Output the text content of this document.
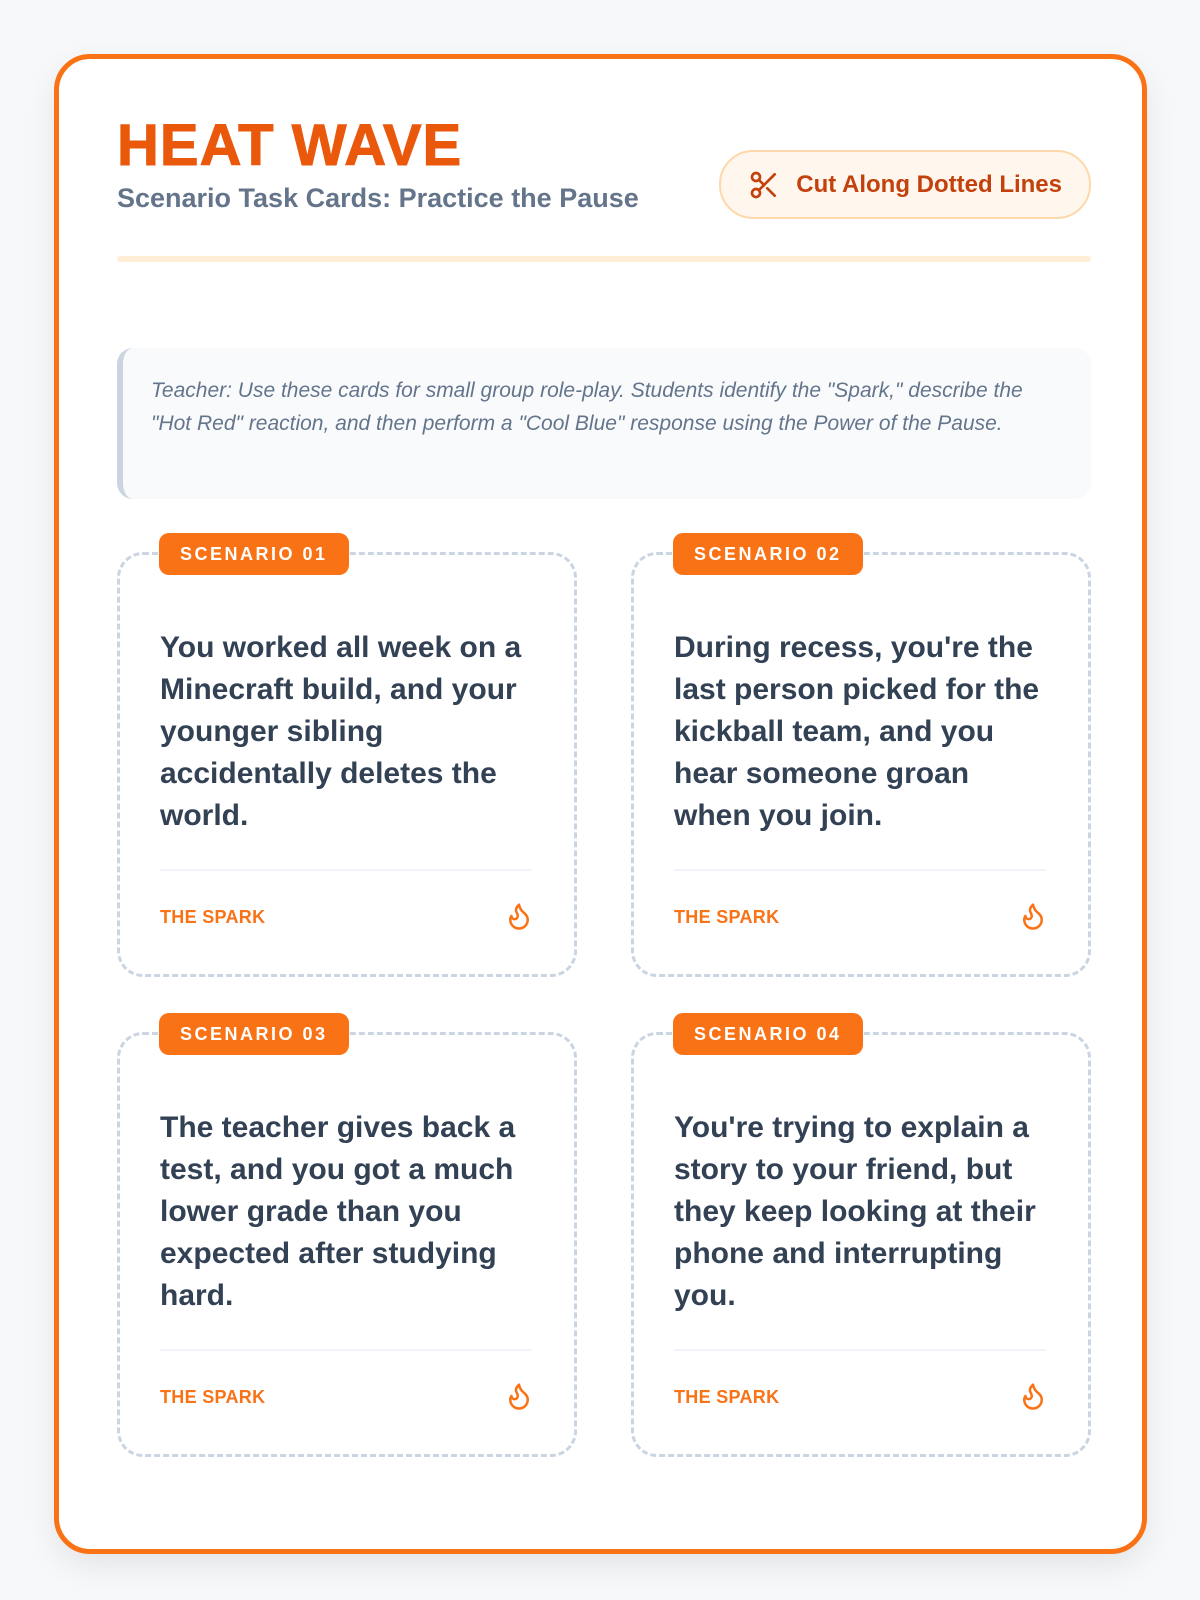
HEAT WAVE
Scenario Task Cards: Practice the Pause	Cut Along Dotted Lines
Teacher: Use these cards for small group role-play. Students identify the "Spark," describe the "Hot Red" reaction, and then perform a "Cool Blue" response using the Power of the Pause.
SCENARIO 01
You worked all week on a Minecraft build, and your younger sibling accidentally deletes the world.
THE SPARK
SCENARIO 02
During recess, you're the last person picked for the kickball team, and you hear someone groan when you join.
THE SPARK
SCENARIO 03
The teacher gives back a test, and you got a much lower grade than you expected after studying hard.
THE SPARK
SCENARIO 04
You're trying to explain a story to your friend, but they keep looking at their phone and interrupting you.
THE SPARK
